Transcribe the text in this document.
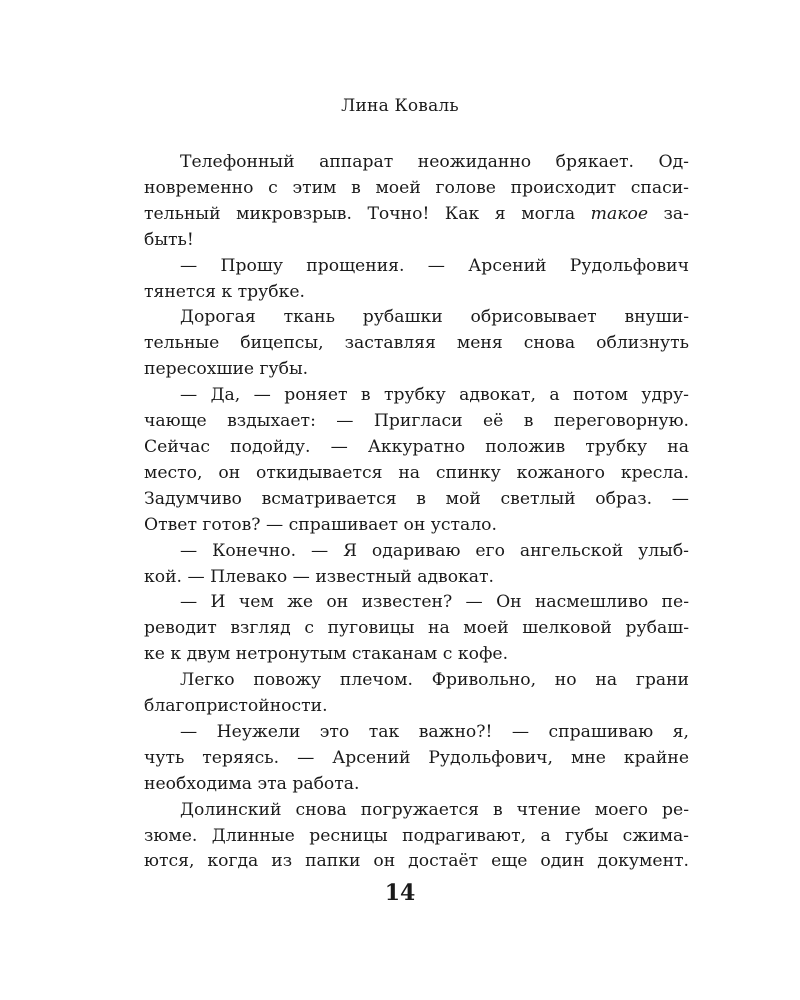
Лина Коваль
Телефонный аппарат неожиданно брякает. Од-
новременно с этим в моей голове происходит спаси-
тельный микровзрыв. Точно! Как я могла такое за-
быть!
— Прошу прощения. — Арсений Рудольфович
тянется к трубке.
Дорогая ткань рубашки обрисовывает внуши-
тельные бицепсы, заставляя меня снова облизнуть
пересохшие губы.
— Да, — роняет в трубку адвокат, а потом удру-
чающе вздыхает: — Пригласи её в переговорную.
Сейчас подойду. — Аккуратно положив трубку на
место, он откидывается на спинку кожаного кресла.
Задумчиво всматривается в мой светлый образ. —
Ответ готов? — спрашивает он устало.
— Конечно. — Я одариваю его ангельской улыб-
кой. — Плевако — известный адвокат.
— И чем же он известен? — Он насмешливо пе-
реводит взгляд с пуговицы на моей шелковой рубаш-
ке к двум нетронутым стаканам с кофе.
Легко повожу плечом. Фривольно, но на грани
благопристойности.
— Неужели это так важно?! — спрашиваю я,
чуть теряясь. — Арсений Рудольфович, мне крайне
необходима эта работа.
Долинский снова погружается в чтение моего ре-
зюме. Длинные ресницы подрагивают, а губы сжима-
ются, когда из папки он достаёт еще один документ.
14
